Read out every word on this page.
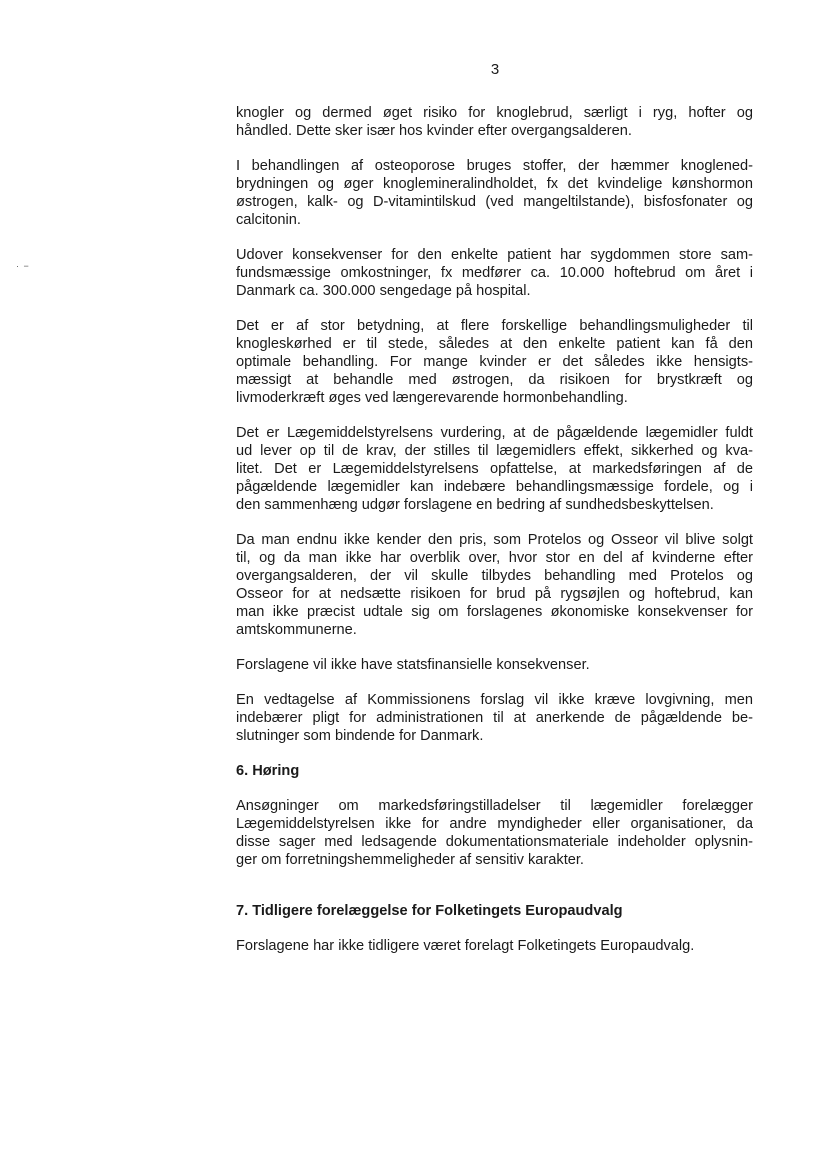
3
· −

knogler og dermed øget risiko for knoglebrud, særligt i ryg, hofter og
håndled. Dette sker især hos kvinder efter overgangsalderen.

I behandlingen af osteoporose bruges stoffer, der hæmmer knoglened-
brydningen og øger knoglemineralindholdet, fx det kvindelige kønshormon
østrogen, kalk- og D-vitamintilskud (ved mangeltilstande), bisfosfonater og
calcitonin.

Udover konsekvenser for den enkelte patient har sygdommen store sam-
fundsmæssige omkostninger, fx medfører ca. 10.000 hoftebrud om året i
Danmark ca. 300.000 sengedage på hospital.

Det er af stor betydning, at flere forskellige behandlingsmuligheder til
knogleskørhed er til stede, således at den enkelte patient kan få den
optimale behandling. For mange kvinder er det således ikke hensigts-
mæssigt at behandle med østrogen, da risikoen for brystkræft og
livmoderkræft øges ved længerevarende hormonbehandling.

Det er Lægemiddelstyrelsens vurdering, at de pågældende lægemidler fuldt
ud lever op til de krav, der stilles til lægemidlers effekt, sikkerhed og kva-
litet. Det er Lægemiddelstyrelsens opfattelse, at markedsføringen af de
pågældende lægemidler kan indebære behandlingsmæssige fordele, og i
den sammenhæng udgør forslagene en bedring af sundhedsbeskyttelsen.

Da man endnu ikke kender den pris, som Protelos og Osseor vil blive solgt
til, og da man ikke har overblik over, hvor stor en del af kvinderne efter
overgangsalderen, der vil skulle tilbydes behandling med Protelos og
Osseor for at nedsætte risikoen for brud på rygsøjlen og hoftebrud, kan
man ikke præcist udtale sig om forslagenes økonomiske konsekvenser for
amtskommunerne.

Forslagene vil ikke have statsfinansielle konsekvenser.

En vedtagelse af Kommissionens forslag vil ikke kræve lovgivning, men
indebærer pligt for administrationen til at anerkende de pågældende be-
slutninger som bindende for Danmark.

6. Høring

Ansøgninger om markedsføringstilladelser til lægemidler forelægger
Lægemiddelstyrelsen ikke for andre myndigheder eller organisationer, da
disse sager med ledsagende dokumentationsmateriale indeholder oplysnin-
ger om forretningshemmeligheder af sensitiv karakter.

7. Tidligere forelæggelse for Folketingets Europaudvalg

Forslagene har ikke tidligere været forelagt Folketingets Europaudvalg.
